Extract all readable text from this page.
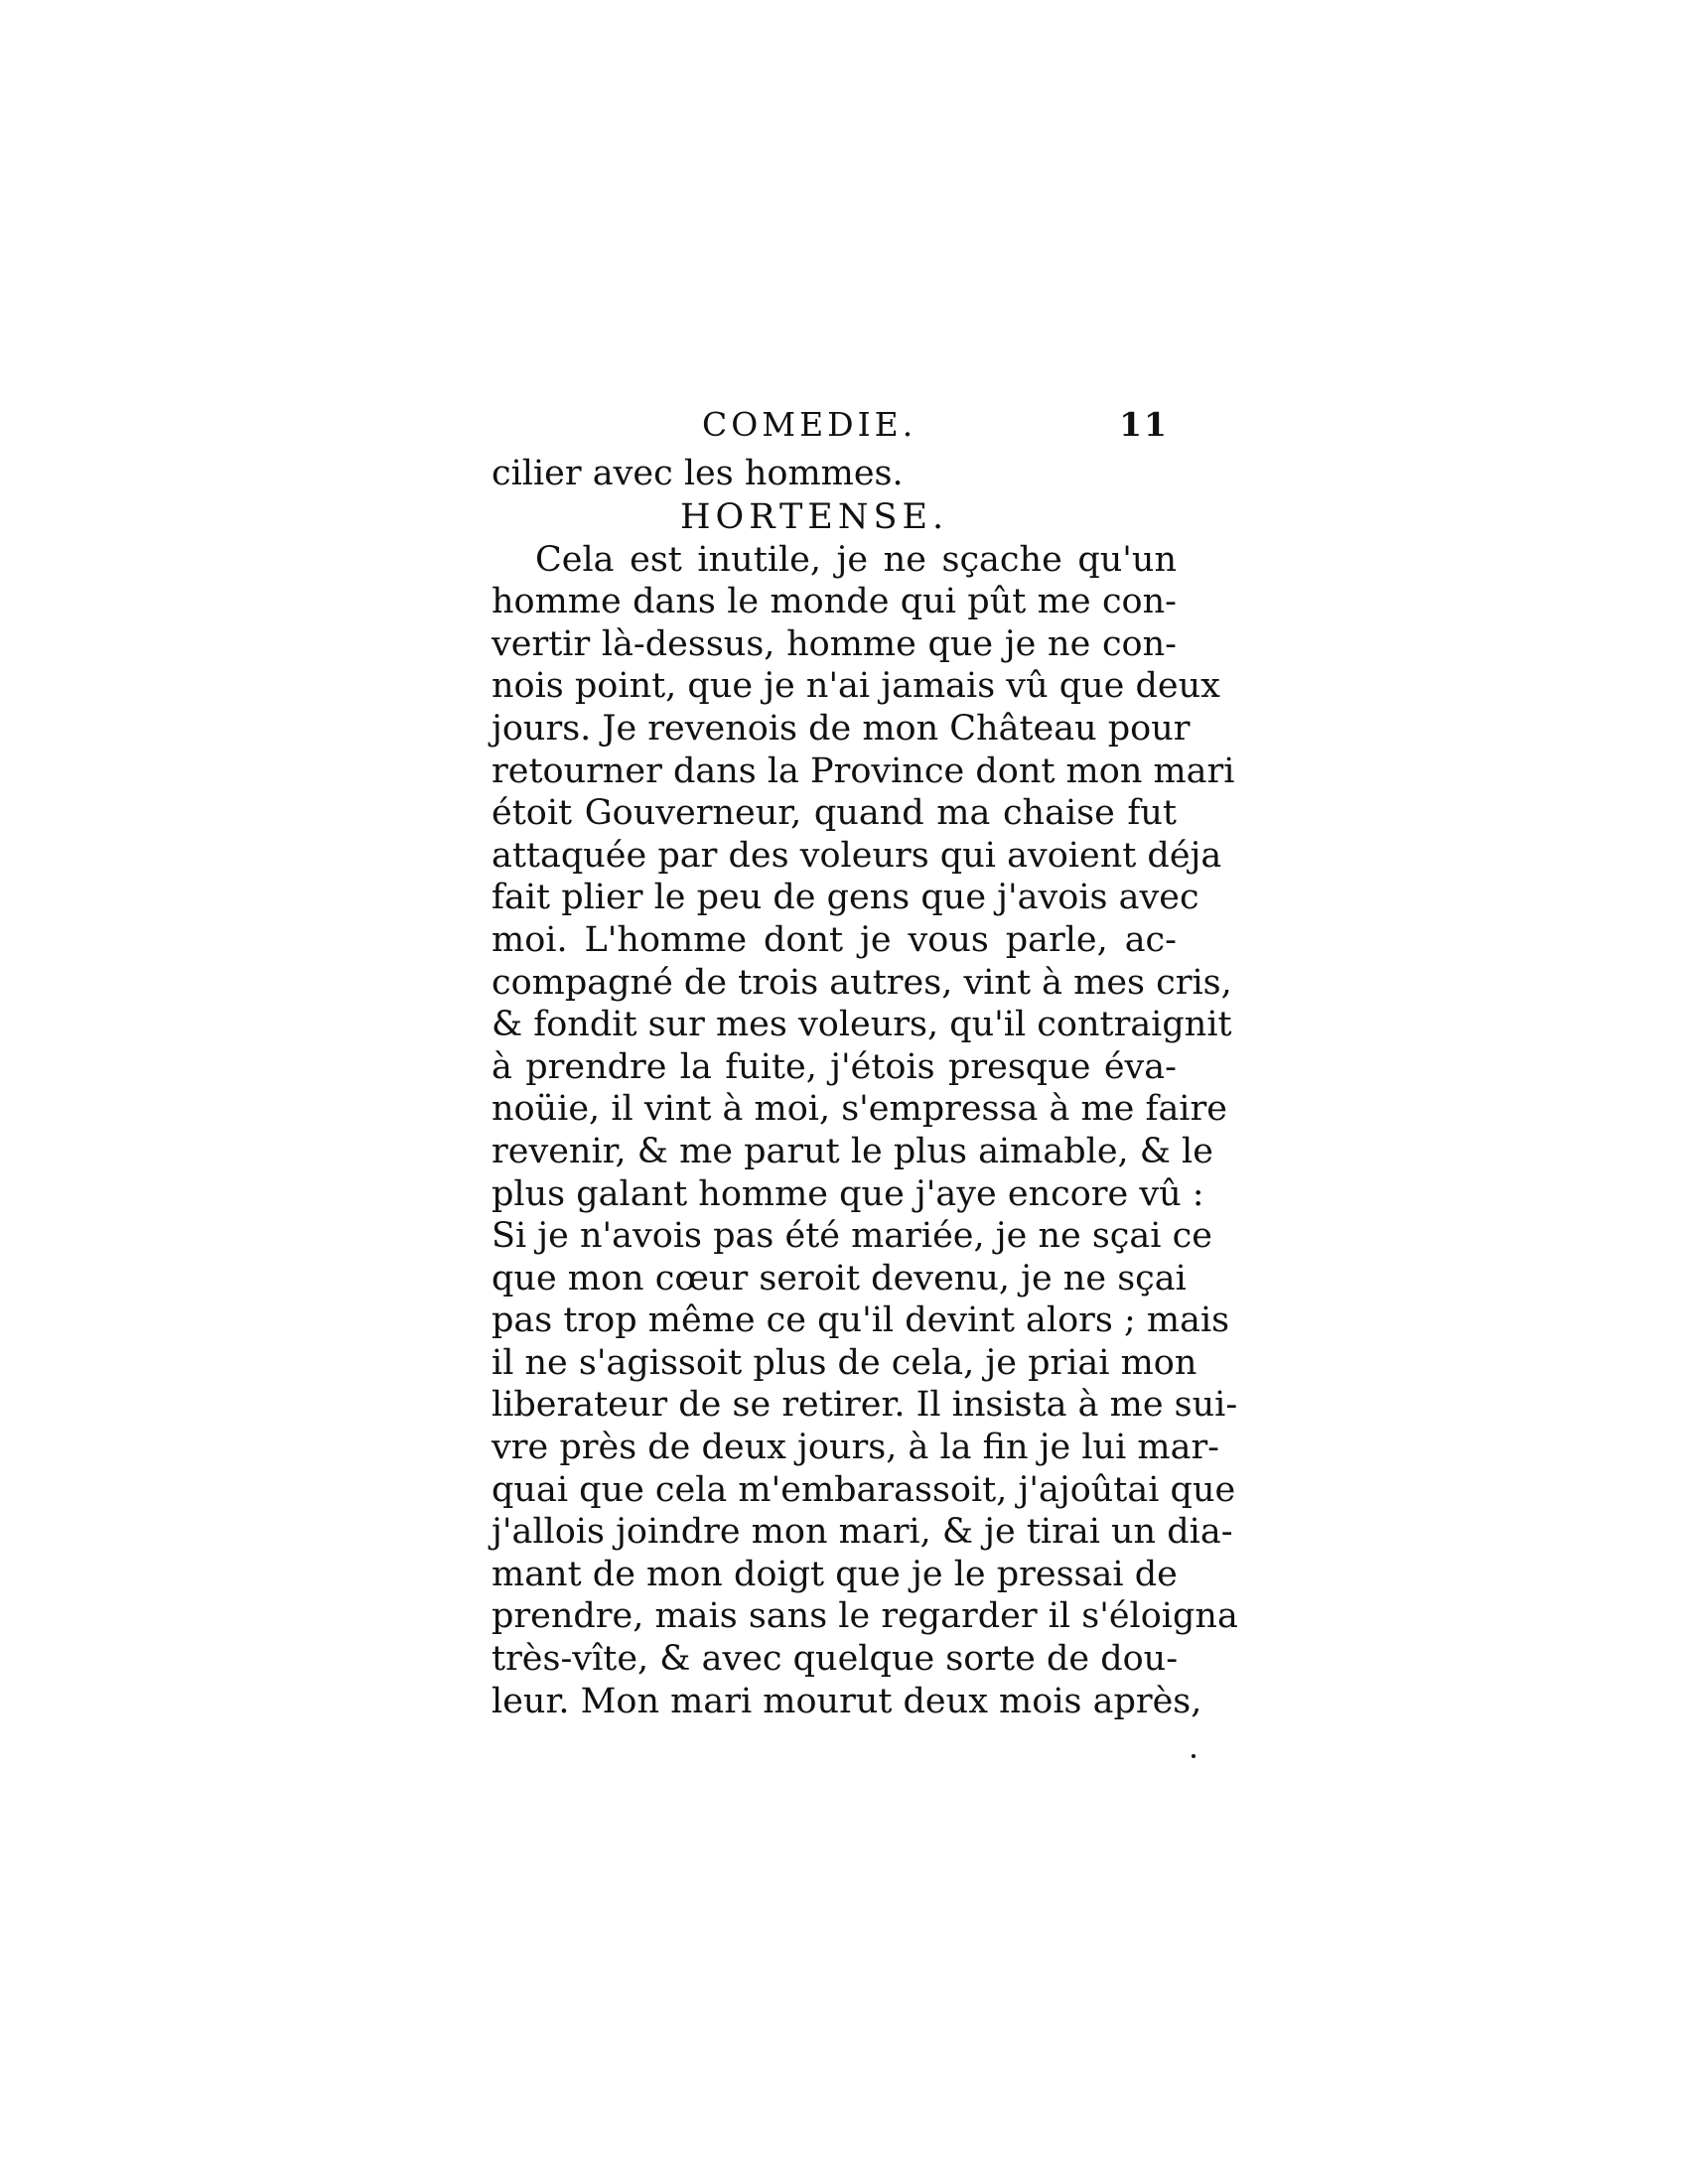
COMEDIE.	11
cilier avec les hommes.
HORTENSE.
Cela est inutile, je ne sçache qu'un
homme dans le monde qui pût me con-
vertir là-dessus, homme que je ne con-
nois point, que je n'ai jamais vû que deux
jours. Je revenois de mon Château pour
retourner dans la Province dont mon mari
étoit Gouverneur, quand ma chaise fut
attaquée par des voleurs qui avoient déja
fait plier le peu de gens que j'avois avec
moi. L'homme dont je vous parle, ac-
compagné de trois autres, vint à mes cris,
& fondit sur mes voleurs, qu'il contraignit
à prendre la fuite, j'étois presque éva-
noüie, il vint à moi, s'empressa à me faire
revenir, & me parut le plus aimable, & le
plus galant homme que j'aye encore vû :
Si je n'avois pas été mariée, je ne sçai ce
que mon cœur seroit devenu, je ne sçai
pas trop même ce qu'il devint alors ; mais
il ne s'agissoit plus de cela, je priai mon
liberateur de se retirer. Il insista à me sui-
vre près de deux jours, à la fin je lui mar-
quai que cela m'embarassoit, j'ajoûtai que
j'allois joindre mon mari, & je tirai un dia-
mant de mon doigt que je le pressai de
prendre, mais sans le regarder il s'éloigna
très-vîte, & avec quelque sorte de dou-
leur. Mon mari mourut deux mois après,
